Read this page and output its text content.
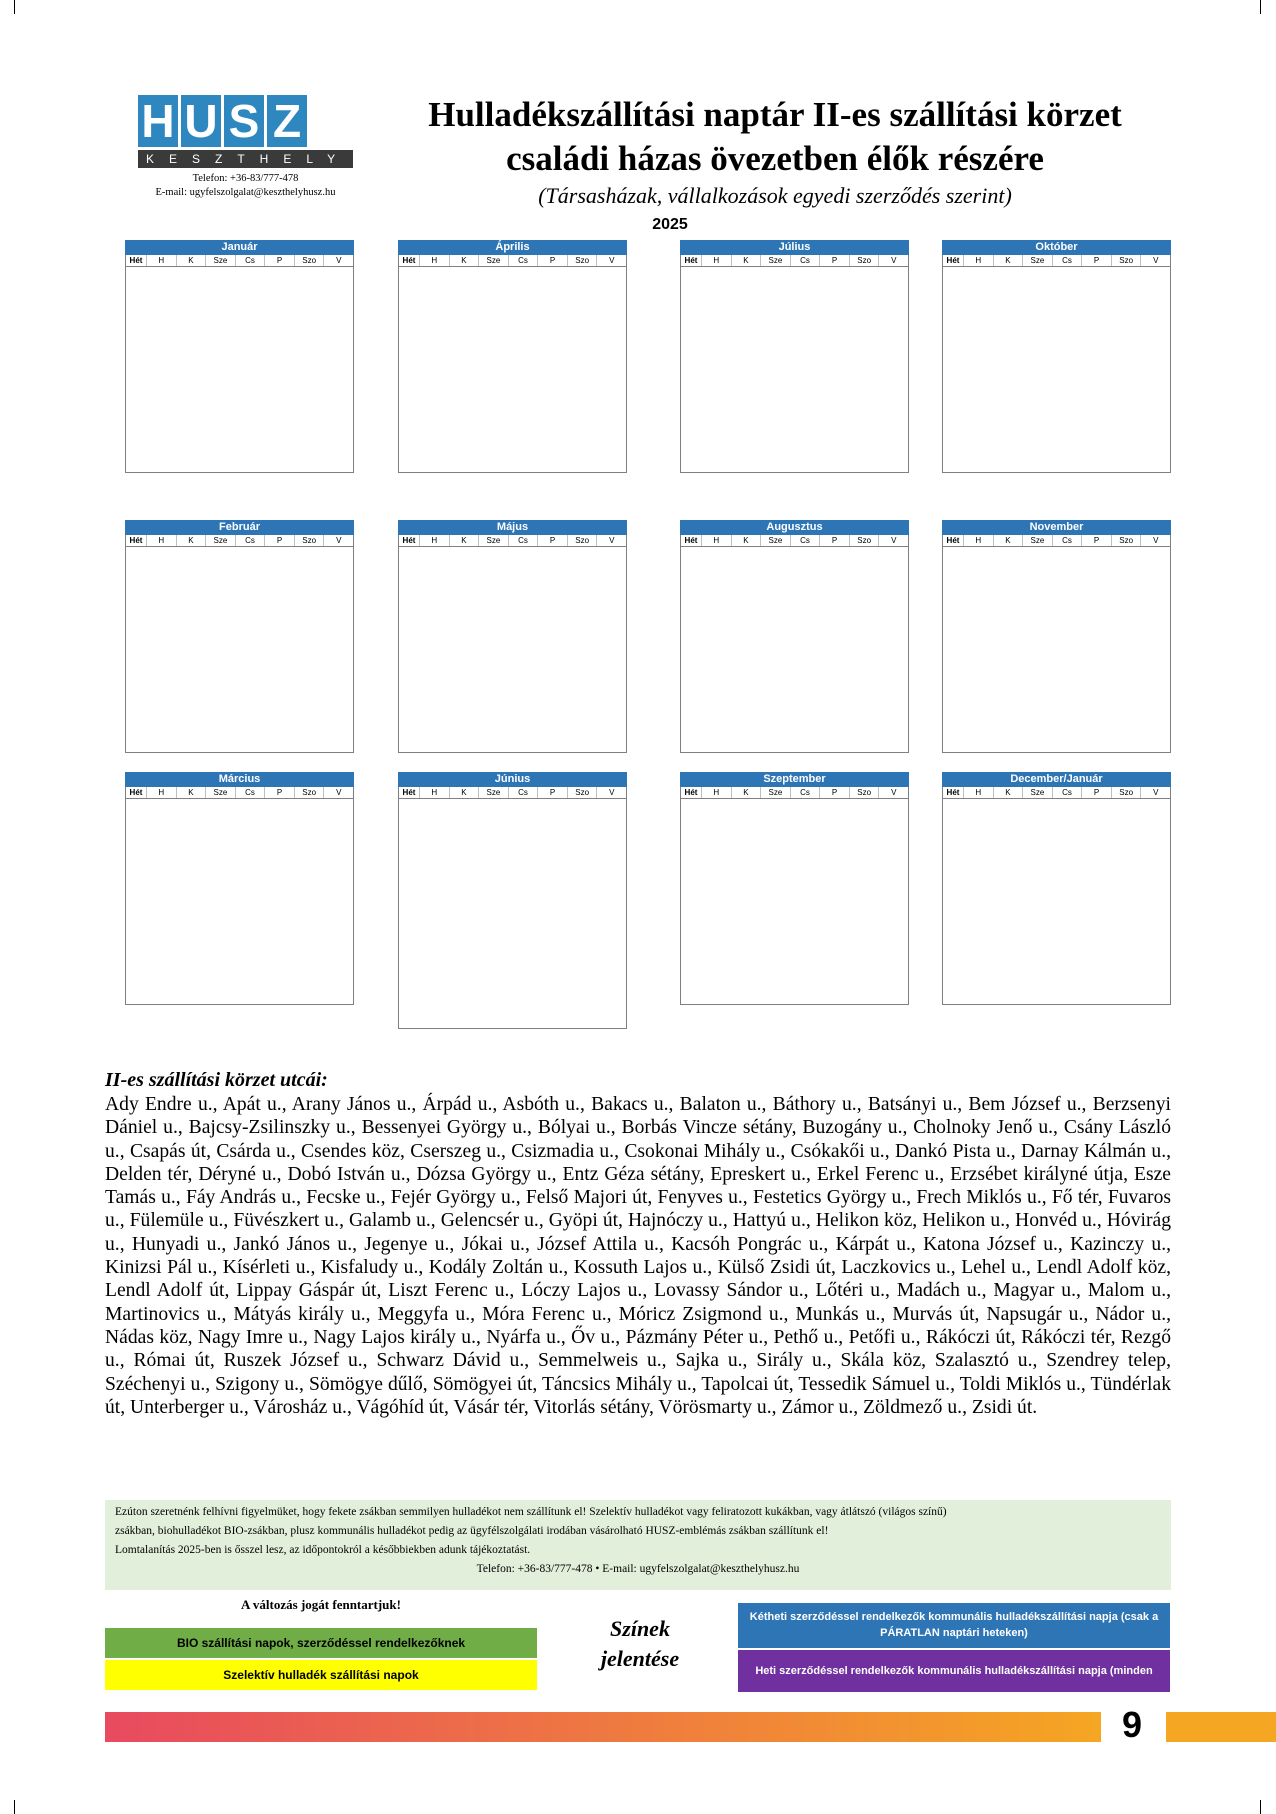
H U S Z
KESZTHELY
Telefon: +36-83/777-478
E-mail: ugyfelszolgalat@keszthelyhusz.hu
Hulladékszállítási naptár II-es szállítási körzet
családi házas övezetben élők részére
(Társasházak, vállalkozások egyedi szerződés szerint)
2025
Január
Hét	H	K	Sze	Cs	P	Szo	V
Április
Hét	H	K	Sze	Cs	P	Szo	V
Július
Hét	H	K	Sze	Cs	P	Szo	V
Október
Hét	H	K	Sze	Cs	P	Szo	V
Február
Hét	H	K	Sze	Cs	P	Szo	V
Május
Hét	H	K	Sze	Cs	P	Szo	V
Augusztus
Hét	H	K	Sze	Cs	P	Szo	V
November
Hét	H	K	Sze	Cs	P	Szo	V
Március
Hét	H	K	Sze	Cs	P	Szo	V
Június
Hét	H	K	Sze	Cs	P	Szo	V
Szeptember
Hét	H	K	Sze	Cs	P	Szo	V
December/Január
Hét	H	K	Sze	Cs	P	Szo	V
II-es szállítási körzet utcái:
Ady Endre u., Apát u., Arany János u., Árpád u., Asbóth u., Bakacs u., Balaton u., Báthory u., Batsányi u., Bem József u., Berzsenyi Dániel u., Bajcsy-Zsilinszky u., Bessenyei György u., Bólyai u., Borbás Vincze sétány, Buzogány u., Cholnoky Jenő u., Csány László u., Csapás út, Csárda u., Csendes köz, Cserszeg u., Csizmadia u., Csokonai Mihály u., Csókakői u., Dankó Pista u., Darnay Kálmán u., Delden tér, Déryné u., Dobó István u., Dózsa György u., Entz Géza sétány, Epreskert u., Erkel Ferenc u., Erzsébet királyné útja, Esze Tamás u., Fáy András u., Fecske u., Fejér György u., Felső Majori út, Fenyves u., Festetics György u., Frech Miklós u., Fő tér, Fuvaros u., Fülemüle u., Füvészkert u., Galamb u., Gelencsér u., Gyöpi út, Hajnóczy u., Hattyú u., Helikon köz, Helikon u., Honvéd u., Hóvirág u., Hunyadi u., Jankó János u., Jegenye u., Jókai u., József Attila u., Kacsóh Pongrác u., Kárpát u., Katona József u., Kazinczy u., Kinizsi Pál u., Kísérleti u., Kisfaludy u., Kodály Zoltán u., Kossuth Lajos u., Külső Zsidi út, Laczkovics u., Lehel u., Lendl Adolf köz, Lendl Adolf út, Lippay Gáspár út, Liszt Ferenc u., Lóczy Lajos u., Lovassy Sándor u., Lőtéri u., Madách u., Magyar u., Malom u., Martinovics u., Mátyás király u., Meggyfa u., Móra Ferenc u., Móricz Zsigmond u., Munkás u., Murvás út, Napsugár u., Nádor u., Nádas köz, Nagy Imre u., Nagy Lajos király u., Nyárfa u., Őv u., Pázmány Péter u., Pethő u., Petőfi u., Rákóczi út, Rákóczi tér, Rezgő u., Római út, Ruszek József u., Schwarz Dávid u., Semmelweis u., Sajka u., Sirály u., Skála köz, Szalasztó u., Szendrey telep, Széchenyi u., Szigony u., Sömögye dűlő, Sömögyei út, Táncsics Mihály u., Tapolcai út, Tessedik Sámuel u., Toldi Miklós u., Tündérlak út, Unterberger u., Városház u., Vágóhíd út, Vásár tér, Vitorlás sétány, Vörösmarty u., Zámor u., Zöldmező u., Zsidi út.
Ezúton szeretnénk felhívni figyelmüket, hogy fekete zsákban semmilyen hulladékot nem szállítunk el! Szelektív hulladékot vagy feliratozott kukákban, vagy átlátszó (világos színű)
zsákban, biohulladékot BIO-zsákban, plusz kommunális hulladékot pedig az ügyfélszolgálati irodában vásárolható HUSZ-emblémás zsákban szállítunk el!
Lomtalanítás 2025-ben is ősszel lesz, az időpontokról a későbbiekben adunk tájékoztatást.
Telefon: +36-83/777-478 • E-mail: ugyfelszolgalat@keszthelyhusz.hu
A változás jogát fenntartjuk!
BIO szállítási napok, szerződéssel rendelkezőknek
Szelektív hulladék szállítási napok
Színek
jelentése
Kétheti szerződéssel rendelkezők kommunális hulladékszállítási napja (csak a PÁRATLAN naptári heteken)
Heti szerződéssel rendelkezők kommunális hulladékszállítási napja (minden
9
